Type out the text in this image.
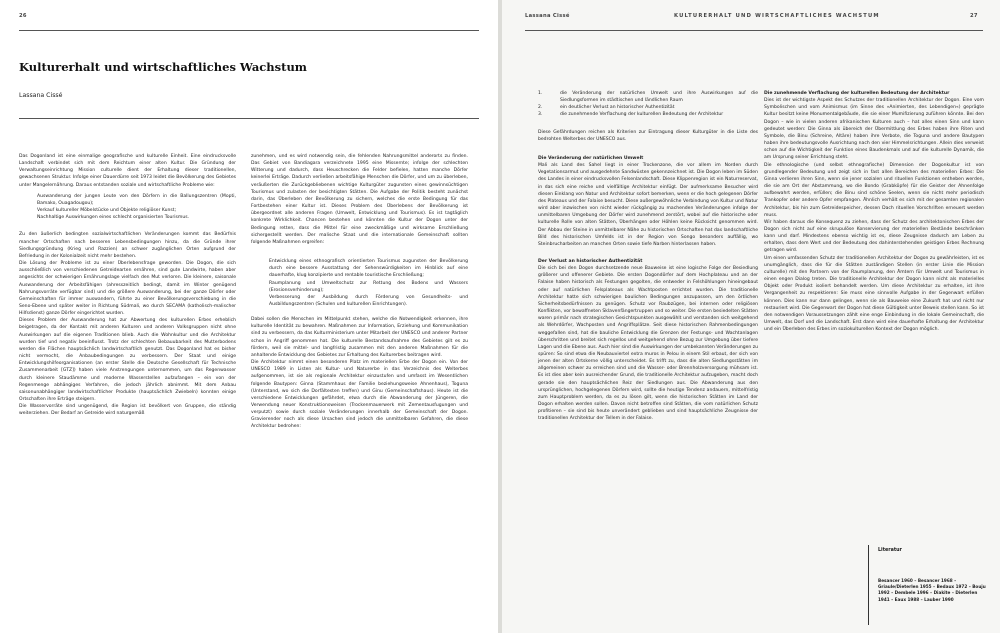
26
Kulturerhalt und wirtschaftliches Wachstum
Lassana Cissé

Das Dogonland ist eine einmalige geografische und kulturelle Einheit. Eine eindrucksvolle Landschaft verbindet sich mit dem Reichtum einer alten Kultur. Die Gründung der Verwaltungseinrichtung Mission culturelle dient der Erhaltung dieser traditionellen, gewachsenen Struktur. Infolge einer Dauerdürre seit 1973 leidet die Bevölkerung des Gebietes unter Mangelernährung. Daraus entstanden soziale und wirtschaftliche Probleme wie:

Auswanderung der jungen Leute von den Dörfern in die Ballungszentren (Mopti, Bamako, Ouagadougou);
Verkauf kultureller Möbelstücke und Objekte religiöser Kunst;
Nachhaltige Auswirkungen eines schlecht organisierten Tourismus.

Zu den äußerlich bedingten sozialwirtschaftlichen Veränderungen kommt das Bedürfnis mancher Ortschaften nach besseren Lebensbedingungen hinzu, da die Gründe ihrer Siedlungsgründung (Krieg und Razzien) an schwer zugänglichen Orten aufgrund der Befriedung in der Kolonialzeit nicht mehr bestehen.
Die Lösung der Probleme ist zu einer Überlebensfrage geworden. Die Dogon, die sich ausschließlich von verschiedenen Getreidearten ernähren, sind gute Landwirte, haben aber angesichts der schwierigen Ernährungslage vielfach den Mut verloren. Die kleinere, saisonale Auswanderung der Arbeitsfähigen (ahresszeitlich bedingt, damit im Winter genügend Nahrungsvorräte verfügbar sind) und die größere Auswanderung, bei der ganze Dörfer oder Gemeinschaften für immer auswandern, führte zu einer Bevölkerungsverschiebung in die Seno-Ebene und später weiter in Richtung Südmali, wo durch SECAMA (katholisch-malischer Hilfsdienst) ganze Dörfer eingerichtet wurden.
Dieses Problem der Auswanderung hat zur Abwertung des kulturellen Erbes erheblich beigetragen, da der Kontakt mit anderen Kulturen und anderen Volksgruppen nicht ohne Auswirkungen auf die eigenen Traditionen blieb. Auch die Wohnkultur und die Architektur wurden tief und negativ beeinflusst. Trotz der schlechten Bebauubarkeit des Mutterbodens werden die Flächen hauptsächlich landwirtschaftlich genutzt. Das Dogonland hat es bisher nicht vermocht, die Anbaubedingungen zu verbessern. Der Staat und einige Entwicklungshilfeorganisationen (an erster Stelle die Deutsche Gesellschaft für Technische Zusammenarbeit [GTZ]) haben viele Anstrengungen unternommen, um das Regenwasser durch kleinere Staudämme und moderne Wasserstellen aufzufangen – ein von der Regenmenge abhängiges Verfahren, die jedoch jährlich abnimmt. Mit dem Anbau saisonunabhängiger landwirtschaftlicher Produkte (hauptsächlich Zwiebeln) konnten einige Ortschaften ihre Erträge steigern.
Die Wasservorräte sind ungenügend, die Region ist bevölkert von Gruppen, die ständig weiterziehen. Der Bedarf an Getreide wird naturgemäß

zunehmen, und es wird notwendig sein, die fehlenden Nahrungsmittel anderorts zu finden. Das Gebiet von Bandiagara verzeichnete 1995 eine Missernte; infolge der schlechten Witterung und dadurch, dass Heuschrecken die Felder befielen, hatten manche Dörfer keinerlei Erträge. Dadurch verließen arbeitsfähige Menschen die Dörfer, und um zu überleben, veräußerten die Zurückgebliebenen wichtige Kulturgüter zugunsten eines gewinnsüchtigen Tourismus und zulasten der besichtigten Stätten. Die Aufgabe der Politik besteht zunächst darin, das Überleben der Bevölkerung zu sichern, welches die erste Bedingung für das Fortbestehen einer Kultur ist. Dieses Problem des Überlebens der Bevölkerung ist übergeordnet alle anderen Fragen (Umwelt, Entwicklung und Tourismus). Es ist tagtäglich konkrete Wirklichkeit. Chancen bestehen und könnten die Kultur der Dogon unter der Bedingung retten, dass die Mittel für eine zweckmäßige und wirksame Erschließung sichergestellt werden. Der malische Staat und die internationale Gemeinschaft sollten folgende Maßnahmen ergreifen:

Entwicklung eines ethnografisch orientierten Tourismus zugunsten der Bevölkerung durch eine bessere Ausstattung der Sehenswürdigkeiten im Hinblick auf eine dauerhafte, klug konzipierte und rentable touristische Erschließung;
Raumplanung und Umweltschutz zur Rettung des Bodens und Wassers (Erosionsverhinderung);
Verbesserung der Ausbildung durch Förderung von Gesundheits- und Ausbildungszentren (Schulen und kulturellen Einrichtungen).

Dabei sollen die Menschen im Mittelpunkt stehen, welche die Notwendigkeit erkennen, ihre kulturelle Identität zu bewahren. Maßnahmen zur Information, Erziehung und Kommunikation sind zu verbessern, da das Kulturministerium unter Mitarbeit der UNESCO und anderer Partner schon in Angriff genommen hat. Die kulturelle Bestandsaufnahme des Gebietes gilt es zu fördern, weil sie mittel- und langfristig zusammen mit den anderen Maßnahmen für die anhaltende Entwicklung des Gebietes zur Erhaltung des Kulturerbes beitragen wird.
Die Architektur nimmt einen besonderen Platz im materiellen Erbe der Dogon ein. Von der UNESCO 1989 in Listen als Kultur- und Naturerbe in das Verzeichnis des Welterbes aufgenommen, ist sie als regionale Architektur einzustufen und umfasst im Wesentlichen folgende Bautypen: Ginna (Stammhaus der Familie beziehungsweise Ahnenhaus), Toguna (Unterstand, wo sich die Dorfältesten treffen) und Ginu (Gemeinschaftshaus). Heute ist die verschiedene Entwicklungen gefährdet, etwa durch die Abwanderung der Jüngeren, die Verwendung neuer Konstruktionsweisen (Trockenmauerwerk mit Zementausfugungen und verputzt) sowie durch soziale Veränderungen innerhalb der Gemeinschaft der Dogon. Gravierender noch als diese Ursachen sind jedoch die unmittelbaren Gefahren, die diese Architektur bedrohen:

Lassana Cissé	KULTURERHALT UND WIRTSCHAFTLICHES WACHSTUM	27
1.	die Veränderung der natürlichen Umwelt und ihre Auswirkungen auf die Siedlungsformen im städtischen und ländlichen Raum
2.	ein deutlicher Verlust an historischer Authentizität
3.	die zunehmende Verflachung der kulturellen Bedeutung der Architektur

Diese Gefährdungen reichen als Kriterien zur Eintragung dieser Kulturgüter in die Liste des bedrohten Welterbes der UNESCO aus.

Die Veränderung der natürlichen Umwelt

Mali als Land des Sahel liegt in einer Trockenzone, die vor allem im Norden durch Vegetationsarmut und ausgedehnte Sandwüsten gekennzeichnet ist. Die Dogon leben im Süden des Landes in einer eindrucksvollen Felsenlandschaft. Diese Klippenregion ist ein Naturreservat, in das sich eine reiche und vielfältige Architektur einfügt. Der aufmerksame Besucher wird diesen Einklang von Natur und Architektur sofort bemerken, wenn er die hoch gelegenen Dörfer des Plateaus und der Falaise besucht. Diese außergewöhnliche Verbindung von Kultur und Natur wird aber inzwischen von nicht wieder rückgängig zu machenden Veränderungen infolge der unmittelbaren Umgebung der Dörfer wird zunehmend zerstört, wobei auf die historische oder kulturelle Rolle von alten Stätten, Überhängen oder Höhlen keine Rücksicht genommen wird. Der Abbau der Steine in unmittelbarer Nähe zu historischen Ortschaften hat das landschaftliche Bild des historischen Umfelds ist in der Region von Songo besonders auffällig, wo Steinbrucharbeiten an manchen Orten sowie tiefe Narben hinterlassen haben.

Der Verlust an historischer Authentizität

Die sich bei den Dogon durchsetzende neue Bauweise ist eine logische Folge der Besiedlung größerer und offenerer Gebiete. Die ersten Dogondörfer auf dem Hochplateau und an der Falaise haben historisch als Festungen gegolten, die entweder in Felshöhlungen hineingebaut oder auf natürlichen Felsplateaus als Wachtposten errichtet wurden. Die traditionelle Architektur hatte sich schwierigen baulichen Bedingungen anzupassen, um den örtlichen Sicherheitsbedürfnissen zu genügen. Schutz vor Raubzügen, bei internen oder religiösen Konflikten, vor bewaffneten Sklavenfängertruppen und so weiter. Die ersten besiedelten Stätten waren primär nach strategischen Gesichtspunkten ausgewählt und verstanden sich weitgehend als Wehrdörfer, Wachposten und Angriffsplätze. Seit diese historischen Rahmenbedingungen weggefallen sind, hat die bauliche Entwicklung die Grenzen der Festungs- und Wachtanlagen überschritten und breitet sich regellos und weitgehend ohne Bezug zur Umgebung über tiefere Lagen und die Ebene aus. Auch hier sind die Auswirkungen der umbekannten Veränderungen zu spüren: So sind etwa die Neubauviertel extra muros in Pelou in einem Stil erbaut, der sich von jenen der alten Ortskerne völlig unterscheidet. Es trifft zu, dass die alten Siedlungsstätten im allgemeinen schwer zu erreichen sind und die Wasser- oder Brennholzversorgung mühsam ist. Es ist dies aber kein ausreichender Grund, die traditionelle Architektur aufzugeben, macht doch gerade sie den hauptsächlichen Reiz der Siedlungen aus. Die Abwanderung aus den ursprünglichen, hochgelegenen Dörfern wird, sollte die heutige Tendenz andauern, mittelfristig zum Hauptproblem werden, da es zu lösen gilt, wenn die historischen Stätten im Land der Dogon erhalten werden sollen. Davon nicht betroffen sind Stätten, die vom natürlichen Schutz profitieren – sie sind bis heute unverändert geblieben und sind hauptsächliche Zeugnisse der traditionellen Architektur der Tellem in der Falaise.

Die zunehmende Verflachung der kulturellen Bedeutung der Architektur

Dies ist der wichtigste Aspekt des Schutzes der traditionellen Architektur der Dogon. Eine vom Symbolischen und vom Animismus (im Sinne des »Animierten, des Lebendigen«) geprägte Kultur besitzt keine Monumentalgebäude, die sie einer Mumifizierung zuführen könnte. Bei den Dogon – wie in vielen anderen afrikanischen Kulturen auch – hat alles einen Sinn und kann gedeutet werden: Die Ginna als übereich der Übermittlung des Erbes haben ihre Riten und Symbole, die Binu (Schreine, Altäre) haben ihre Verbote, die Toguna und andere Bautypen haben ihre bedeutungsvolle Ausrichtung nach den vier Himmelsrichtungen. Allein dies verweist schon auf die Wichtigkeit der Funktion eines Baudenkmals und auf die kulturelle Dynamik, die am Ursprung seiner Errichtung steht.
Die ethnologische (und selbst ethnografische) Dimension der Dogonkultur ist von grundlegender Bedeutung und zeigt sich in fast allen Bereichen des materiellen Erbes: Die Ginna verlieren ihren Sinn, wenn sie jener sozialen und rituellen Funktionen entheben werden, die sie am Ort der Abstammung, wo die Bondo (Grabköpfe) für die Geister der Ahnenfolge aufbewahrt werden, erfüllen; die Binu sind schöne Seelen, wenn sie nicht mehr periodisch Trankopfer oder andere Opfer empfangen. Ähnlich verhält es sich mit der gesamten regionalen Architektur, bis hin zum Getreidespeicher, dessen Dach rituellen Vorschriften erneuert werden muss.
Wir haben daraus die Konsequenz zu ziehen, dass der Schutz des architektonischen Erbes der Dogon sich nicht auf eine skrupulöse Konservierung der materiellen Bestände beschränken kann und darf. Mindestens ebenso wichtig ist es, diese Zeugnisse dadurch am Leben zu erhalten, dass dem Wert und der Bedeutung des dahinterstehenden geistigen Erbes Rechnung getragen wird.
Um einen umfassenden Schutz der traditionellen Architektur der Dogon zu gewährleisten, ist es unumgänglich, dass die für die Stätten zuständigen Stellen (in erster Linie die Mission culturelle) mit den Partnern von der Raumplanung, den Ämtern für Umwelt und Tourismus in einen engen Dialog treten. Die traditionelle Architektur der Dogon kann nicht als materielles Objekt oder Produkt isoliert behandelt werden. Um diese Architektur zu erhalten, ist ihre Vergangenheit zu respektieren: Sie muss eine sinnvolle Aufgabe in der Gegenwart erfüllen können. Dies kann nur dann gelingen, wenn sie als Bauweise eine Zukunft hat und nicht nur restauriert wird. Die Gegenwart der Dogon hat diese Gültigkeit unter Beweis stellen kann. So ist den notwendigen Voraussetzungen zählt eine enge Einbindung in die lokale Gemeinschaft, die Umwelt, das Dorf und die Landschaft. Erst dann wird eine dauerhafte Erhaltung der Architektur und ein Überleben des Erbes im soziokulturellen Kontext der Dogon möglich.

Literatur
Besancer 1960 – Besancer 1968 – Griaule/Dieterlen 1955 – Bedaux 1972 – Bouju 1992 – Dembele 1996 – Diakite – Dieterlen 1941 – Eaux 1988 – Lauber 1990
